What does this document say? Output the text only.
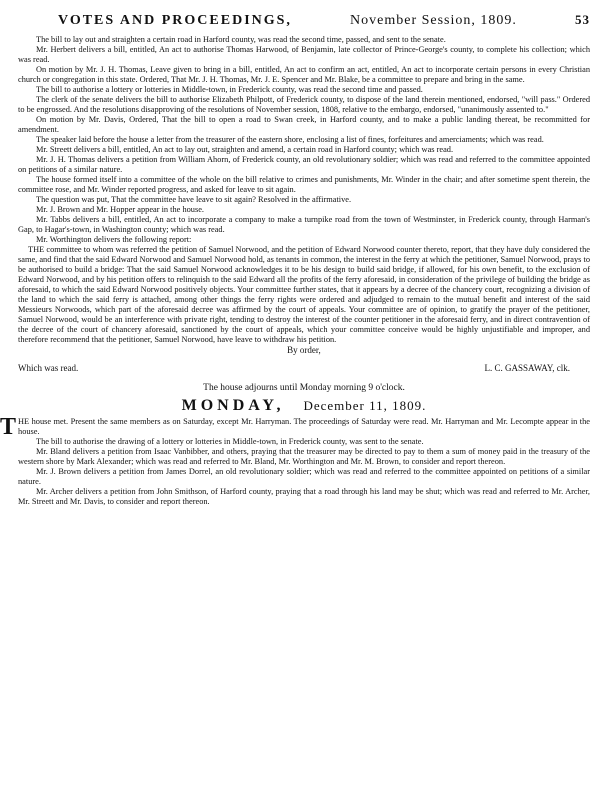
VOTES AND PROCEEDINGS,	November Session, 1809.	53

The bill to lay out and straighten a certain road in Harford county, was read the second time, passed, and sent to the senate.

Mr. Herbert delivers a bill, entitled, An act to authorise Thomas Harwood, of Benjamin, late collector of Prince-George's county, to complete his collection; which was read.

On motion by Mr. J. H. Thomas, Leave given to bring in a bill, entitled, An act to confirm an act, entitled, An act to incorporate certain persons in every Christian church or congregation in this state. Ordered, That Mr. J. H. Thomas, Mr. J. E. Spencer and Mr. Blake, be a committee to prepare and bring in the same.

The bill to authorise a lottery or lotteries in Middle-town, in Frederick county, was read the second time and passed.

The clerk of the senate delivers the bill to authorise Elizabeth Philpott, of Frederick county, to dispose of the land therein mentioned, endorsed, "will pass." Ordered to be engrossed. And the resolutions disapproving of the resolutions of November session, 1808, relative to the embargo, endorsed, "unanimously assented to."

On motion by Mr. Davis, Ordered, That the bill to open a road to Swan creek, in Harford county, and to make a public landing thereat, be recommitted for amendment.

The speaker laid before the house a letter from the treasurer of the eastern shore, enclosing a list of fines, forfeitures and amerciaments; which was read.

Mr. Streett delivers a bill, entitled, An act to lay out, straighten and amend, a certain road in Harford county; which was read.

Mr. J. H. Thomas delivers a petition from William Ahorn, of Frederick county, an old revolutionary soldier; which was read and referred to the committee appointed on petitions of a similar nature.

The house formed itself into a committee of the whole on the bill relative to crimes and punishments, Mr. Winder in the chair; and after sometime spent therein, the committee rose, and Mr. Winder reported progress, and asked for leave to sit again.

The question was put, That the committee have leave to sit again? Resolved in the affirmative.

Mr. J. Brown and Mr. Hopper appear in the house.

Mr. Tabbs delivers a bill, entitled, An act to incorporate a company to make a turnpike road from the town of Westminster, in Frederick county, through Harman's Gap, to Hagar's-town, in Washington county; which was read.

Mr. Worthington delivers the following report:

THE committee to whom was referred the petition of Samuel Norwood, and the petition of Edward Norwood counter thereto, report, that they have duly considered the same, and find that the said Edward Norwood and Samuel Norwood hold, as tenants in common, the interest in the ferry at which the petitioner, Samuel Norwood, prays to be authorised to build a bridge: That the said Samuel Norwood acknowledges it to be his design to build said bridge, if allowed, for his own benefit, to the exclusion of Edward Norwood, and by his petition offers to relinquish to the said Edward all the profits of the ferry aforesaid, in consideration of the privilege of building the bridge as aforesaid, to which the said Edward Norwood positively objects. Your committee further states, that it appears by a decree of the chancery court, recognizing a division of the land to which the said ferry is attached, among other things the ferry rights were ordered and adjudged to remain to the mutual benefit and interest of the said Messieurs Norwoods, which part of the aforesaid decree was affirmed by the court of appeals. Your committee are of opinion, to gratify the prayer of the petitioner, Samuel Norwood, would be an interference with private right, tending to destroy the interest of the counter petitioner in the aforesaid ferry, and in direct contravention of the decree of the court of chancery aforesaid, sanctioned by the court of appeals, which your committee conceive would be highly unjustifiable and improper, and therefore recommend that the petitioner, Samuel Norwood, have leave to withdraw his petition.

By order,
Which was read.	L. C. GASSAWAY, clk.
The house adjourns until Monday morning 9 o'clock.
MONDAY, December 11, 1809.

THE house met. Present the same members as on Saturday, except Mr. Harryman. The proceedings of Saturday were read. Mr. Harryman and Mr. Lecompte appear in the house.

The bill to authorise the drawing of a lottery or lotteries in Middle-town, in Frederick county, was sent to the senate.

Mr. Bland delivers a petition from Isaac Vanbibber, and others, praying that the treasurer may be directed to pay to them a sum of money paid in the treasury of the western shore by Mark Alexander; which was read and referred to Mr. Bland, Mr. Worthington and Mr. M. Brown, to consider and report thereon.

Mr. J. Brown delivers a petition from James Dorrel, an old revolutionary soldier; which was read and referred to the committee appointed on petitions of a similar nature.

Mr. Archer delivers a petition from John Smithson, of Harford county, praying that a road through his land may be shut; which was read and referred to Mr. Archer, Mr. Streett and Mr. Davis, to consider and report thereon.
